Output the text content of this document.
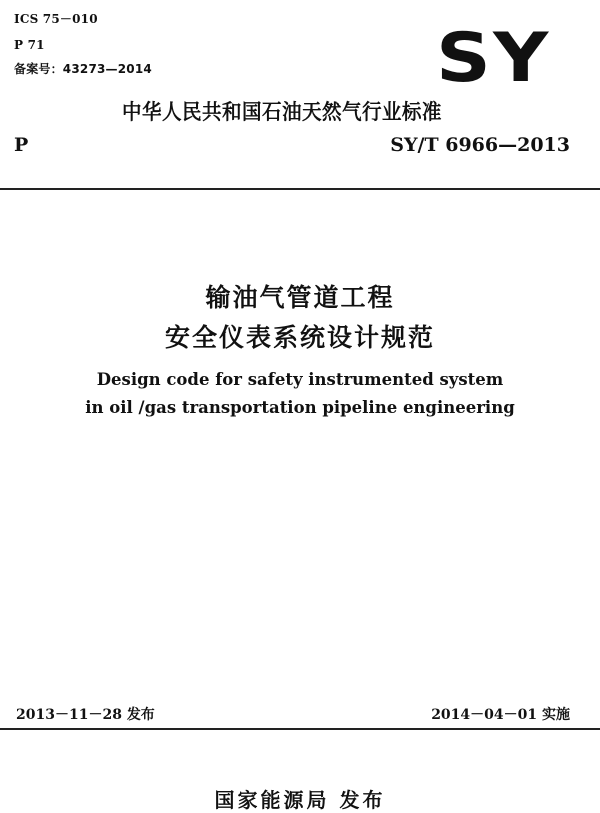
ICS 75－010
P 71
备案号：43273—2014	SY
中华人民共和国石油天然气行业标准
P	SY/T 6966—2013
输油气管道工程
安全仪表系统设计规范
Design code for safety instrumented system
in oil /gas transportation pipeline engineering
2013－11－28 发布	2014－04－01 实施
国家能源局 发布
